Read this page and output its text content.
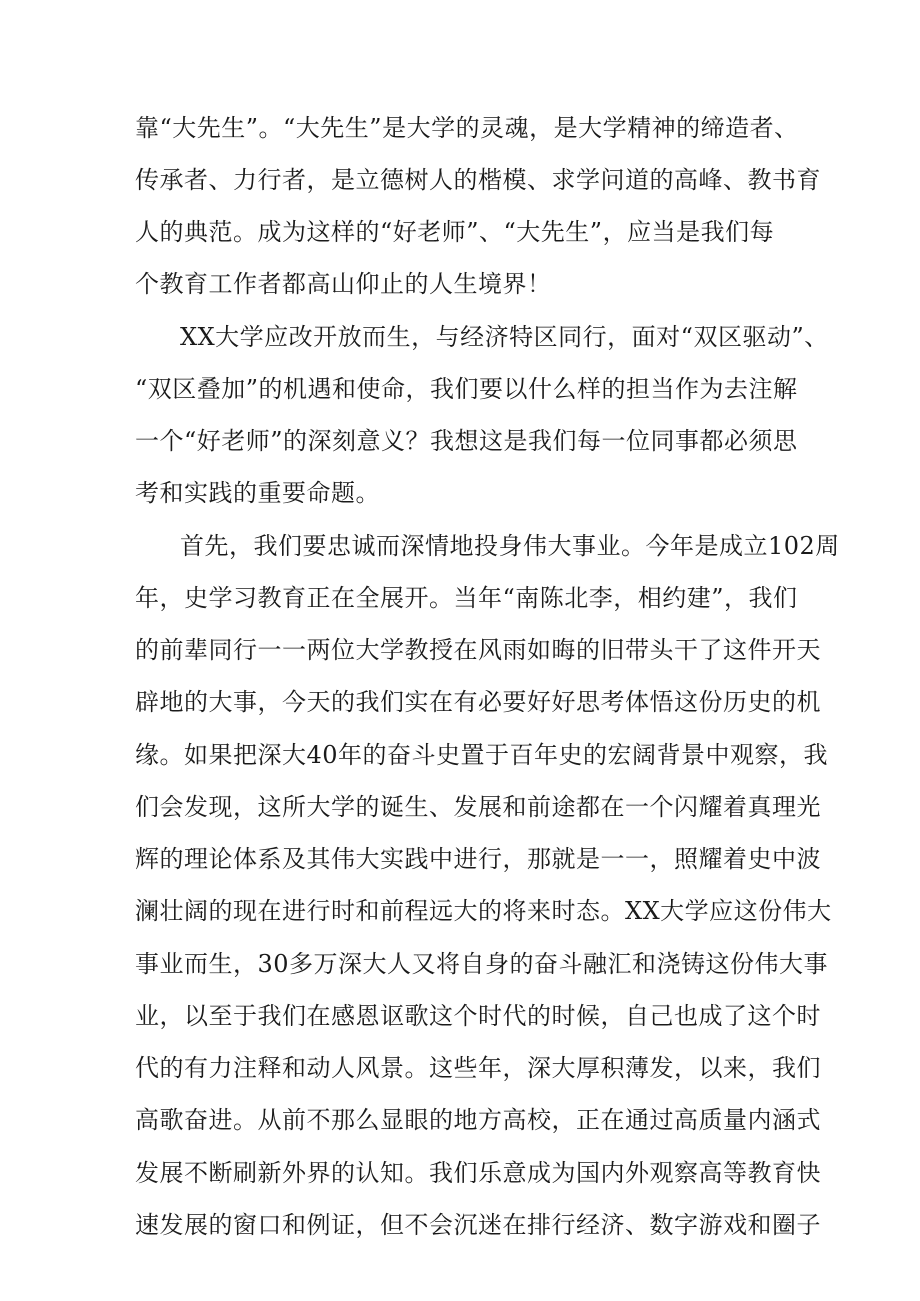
靠“大先生”。“大先生”是大学的灵魂，是大学精神的缔造者、
传承者、力行者，是立德树人的楷模、求学问道的高峰、教书育
人的典范。成为这样的“好老师”、“大先生”，应当是我们每
个教育工作者都高山仰止的人生境界！
XX大学应改开放而生，与经济特区同行，面对“双区驱动”、
“双区叠加”的机遇和使命，我们要以什么样的担当作为去注解
一个“好老师”的深刻意义？我想这是我们每一位同事都必须思
考和实践的重要命题。
首先，我们要忠诚而深情地投身伟大事业。今年是成立102周
年，史学习教育正在全展开。当年“南陈北李，相约建”，我们
的前辈同行一一两位大学教授在风雨如晦的旧带头干了这件开天
辟地的大事，今天的我们实在有必要好好思考体悟这份历史的机
缘。如果把深大40年的奋斗史置于百年史的宏阔背景中观察，我
们会发现，这所大学的诞生、发展和前途都在一个闪耀着真理光
辉的理论体系及其伟大实践中进行，那就是一一，照耀着史中波
澜壮阔的现在进行时和前程远大的将来时态。XX大学应这份伟大
事业而生，30多万深大人又将自身的奋斗融汇和浇铸这份伟大事
业，以至于我们在感恩讴歌这个时代的时候，自己也成了这个时
代的有力注释和动人风景。这些年，深大厚积薄发，以来，我们
高歌奋进。从前不那么显眼的地方高校，正在通过高质量内涵式
发展不断刷新外界的认知。我们乐意成为国内外观察高等教育快
速发展的窗口和例证，但不会沉迷在排行经济、数字游戏和圈子
